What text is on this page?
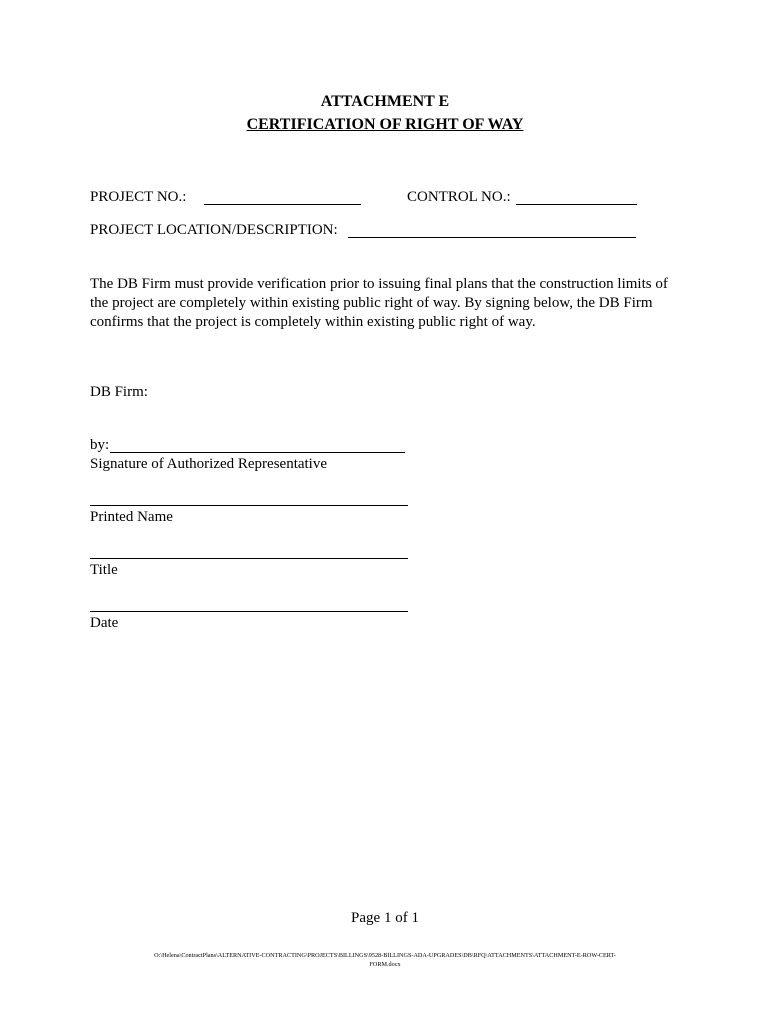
ATTACHMENT E
CERTIFICATION OF RIGHT OF WAY
PROJECT NO.:	CONTROL NO.:
PROJECT LOCATION/DESCRIPTION:

The DB Firm must provide verification prior to issuing final plans that the construction limits of

the project are completely within existing public right of way. By signing below, the DB Firm

confirms that the project is completely within existing public right of way.

DB Firm:
by:
Signature of Authorized Representative
Printed Name
Title
Date
Page 1 of 1
O:\Helena\ContractPlans\ALTERNATIVE-CONTRACTING\PROJECTS\BILLINGS\9528-BILLINGS-ADA-UPGRADES\DB\RFQ\ATTACHMENTS\ATTACHMENT-E-ROW-CERT-
FORM.docx
